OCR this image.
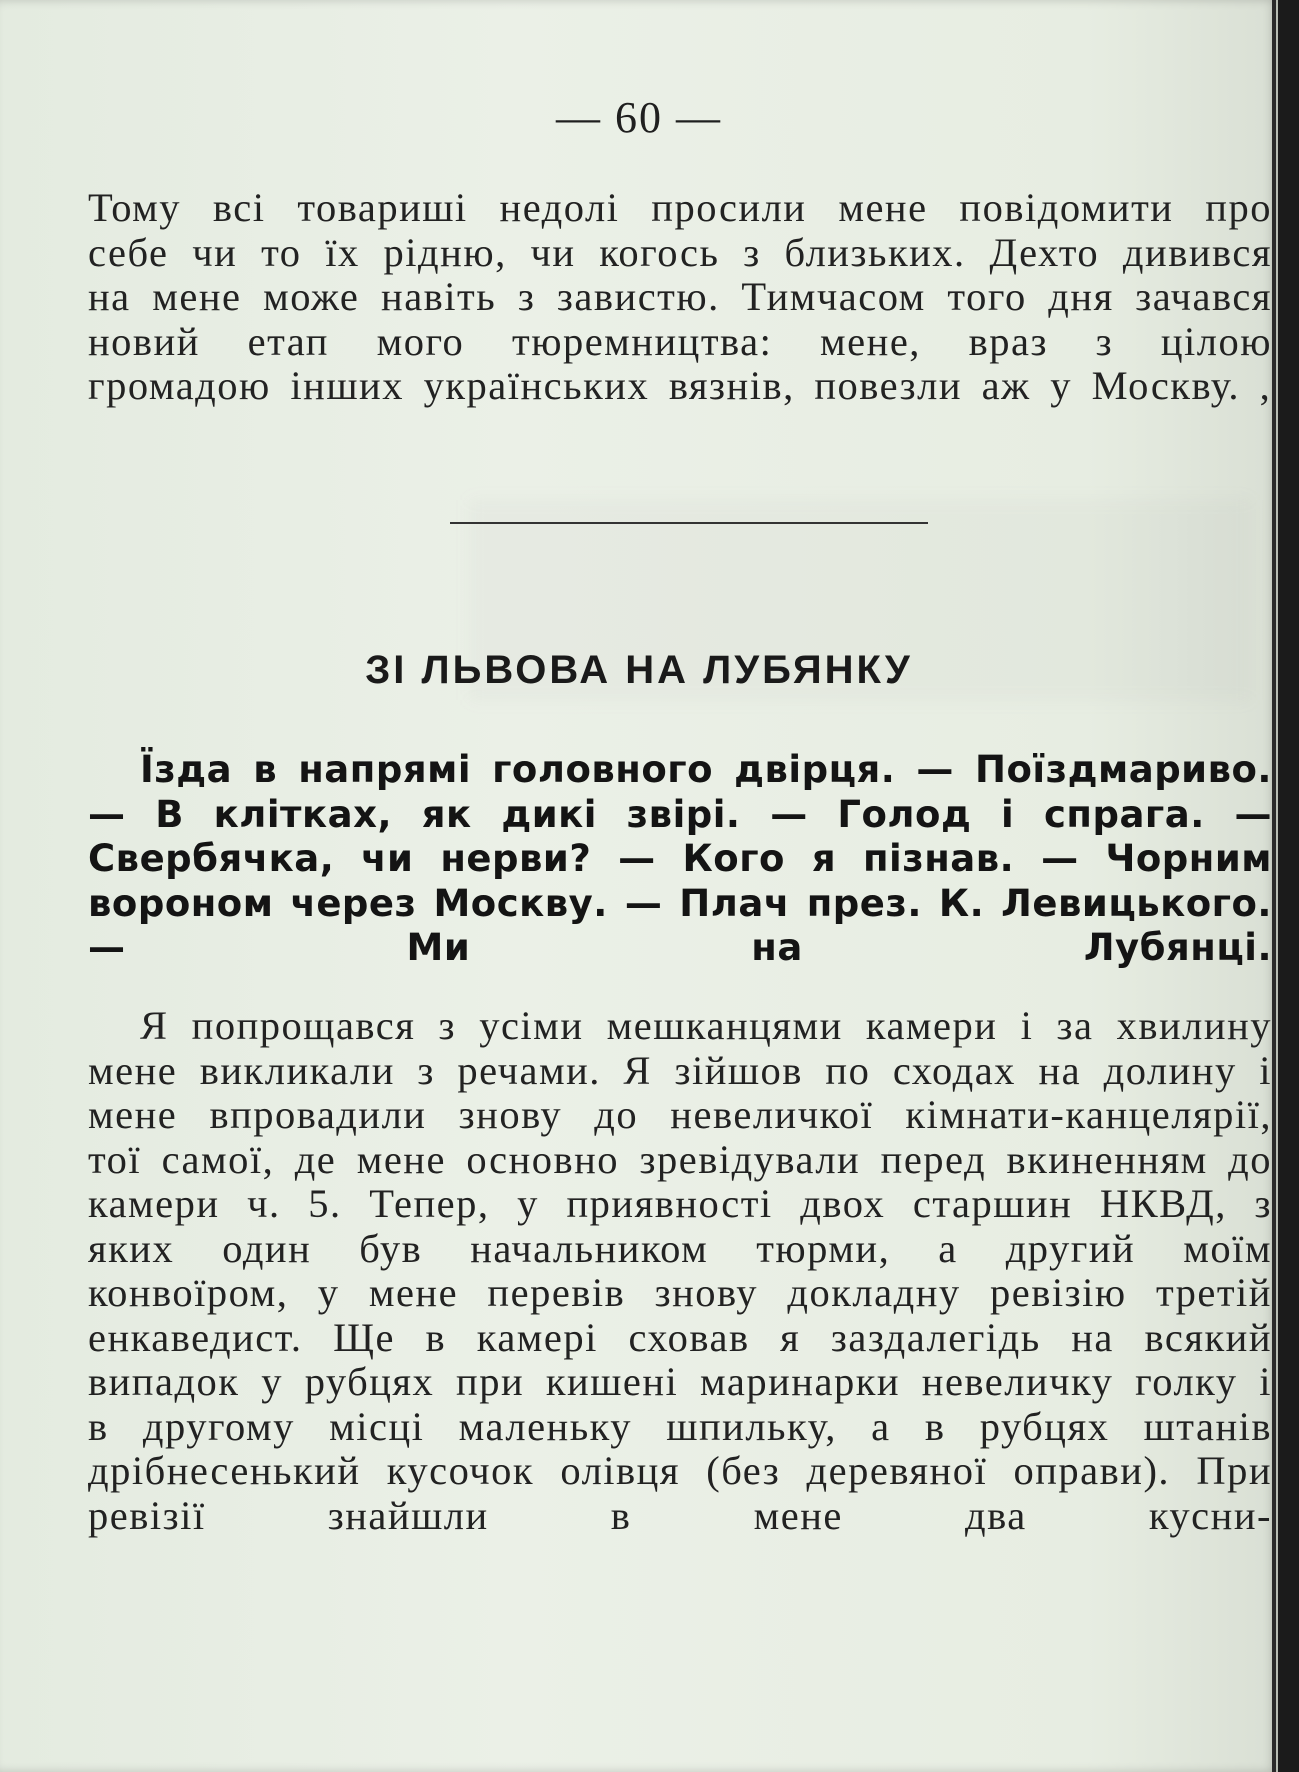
— 60 —
Тому всі товариші недолі просили мене повідомити про себе чи то їх рідню, чи когось з близьких. Дехто дивився на мене може навіть з завистю. Тимчасом того дня зачався новий етап мого тюремництва: мене, враз з цілою громадою інших українських вязнів, повезли аж у Москву. ,
ЗІ ЛЬВОВА НА ЛУБЯНКУ
Їзда в напрямі головного двірця. — Поїздмариво. — В клітках, як дикі звірі. — Голод і спрага. — Свербячка, чи нерви? — Кого я пізнав. — Чорним вороном через Москву. — Плач през. К. Левицького. — Ми на Лубянці.
Я попрощався з усіми мешканцями камери і за хвилину мене викликали з речами. Я зійшов по сходах на долину і мене впровадили знову до невеличкої кімнати-канцелярії, тої самої, де мене основно зревідували перед вкиненням до камери ч. 5. Тепер, у приявності двох старшин НКВД, з яких один був начальником тюрми, а другий моїм конвоїром, у мене перевів знову докладну ревізію третій енкаведист. Ще в камері сховав я заздалегідь на всякий випадок у рубцях при кишені маринарки невеличку голку і в другому місці маленьку шпильку, а в рубцях штанів дрібнесенький кусочок олівця (без деревяної оправи). При ревізії знайшли в мене два кусни-
